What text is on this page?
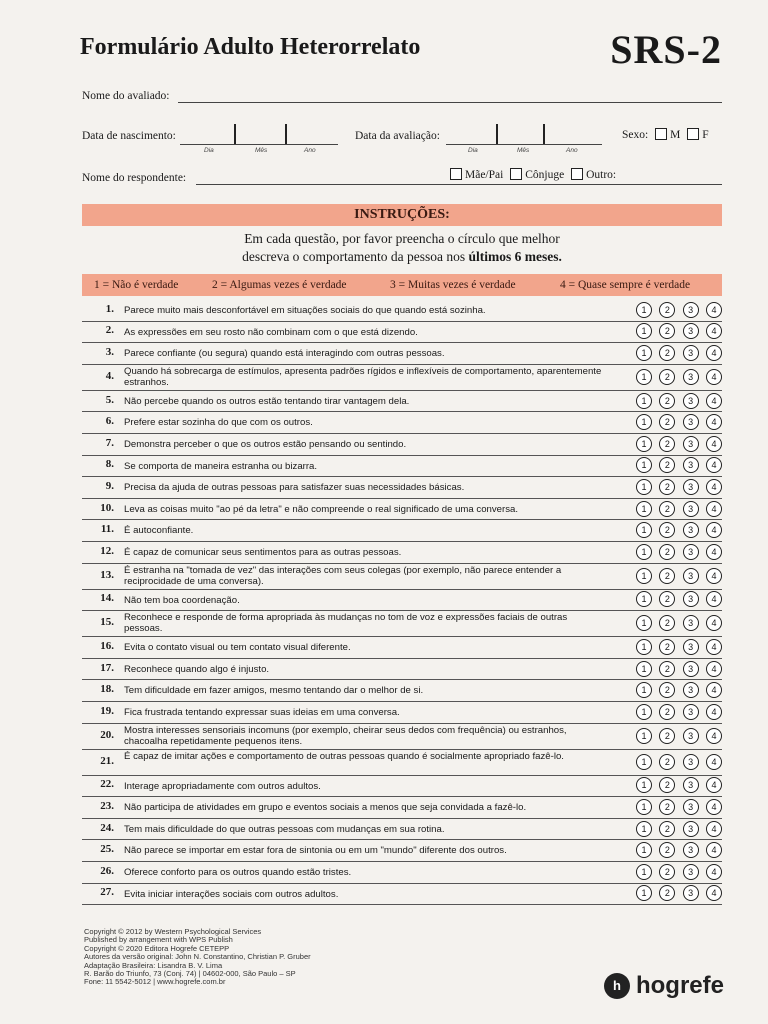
Formulário Adulto Heterorrelato	SRS-2
Nome do avaliado:
Data de nascimento:
Dia	Mês	Ano
Data da avaliação:
Dia	Mês	Ano
Sexo: M F
Nome do respondente:	Mãe/Pai Cônjuge Outro:
INSTRUÇÕES:
Em cada questão, por favor preencha o círculo que melhor
descreva o comportamento da pessoa nos últimos 6 meses.
1 = Não é verdade	2 = Algumas vezes é verdade	3 = Muitas vezes é verdade	4 = Quase sempre é verdade
1. Parece muito mais desconfortável em situações sociais do que quando está sozinha.	1	2	3	4
2. As expressões em seu rosto não combinam com o que está dizendo.	1	2	3	4
3. Parece confiante (ou segura) quando está interagindo com outras pessoas.	1	2	3	4
4. Quando há sobrecarga de estímulos, apresenta padrões rígidos e inflexíveis de comportamento, aparentemente estranhos.	1	2	3	4
5. Não percebe quando os outros estão tentando tirar vantagem dela.	1	2	3	4
6. Prefere estar sozinha do que com os outros.	1	2	3	4
7. Demonstra perceber o que os outros estão pensando ou sentindo.	1	2	3	4
8. Se comporta de maneira estranha ou bizarra.	1	2	3	4
9. Precisa da ajuda de outras pessoas para satisfazer suas necessidades básicas.	1	2	3	4
10. Leva as coisas muito "ao pé da letra" e não compreende o real significado de uma conversa.	1	2	3	4
11. É autoconfiante.	1	2	3	4
12. É capaz de comunicar seus sentimentos para as outras pessoas.	1	2	3	4
13. É estranha na "tomada de vez" das interações com seus colegas (por exemplo, não parece entender a reciprocidade de uma conversa).	1	2	3	4
14. Não tem boa coordenação.	1	2	3	4
15. Reconhece e responde de forma apropriada às mudanças no tom de voz e expressões faciais de outras pessoas.	1	2	3	4
16. Evita o contato visual ou tem contato visual diferente.	1	2	3	4
17. Reconhece quando algo é injusto.	1	2	3	4
18. Tem dificuldade em fazer amigos, mesmo tentando dar o melhor de si.	1	2	3	4
19. Fica frustrada tentando expressar suas ideias em uma conversa.	1	2	3	4
20. Mostra interesses sensoriais incomuns (por exemplo, cheirar seus dedos com frequência) ou estranhos, chacoalha repetidamente pequenos itens.	1	2	3	4
21. É capaz de imitar ações e comportamento de outras pessoas quando é socialmente apropriado fazê-lo.	1	2	3	4
22. Interage apropriadamente com outros adultos.	1	2	3	4
23. Não participa de atividades em grupo e eventos sociais a menos que seja convidada a fazê-lo.	1	2	3	4
24. Tem mais dificuldade do que outras pessoas com mudanças em sua rotina.	1	2	3	4
25. Não parece se importar em estar fora de sintonia ou em um "mundo" diferente dos outros.	1	2	3	4
26. Oferece conforto para os outros quando estão tristes.	1	2	3	4
27. Evita iniciar interações sociais com outros adultos.	1	2	3	4
Copyright © 2012 by Western Psychological Services
Published by arrangement with WPS Publish
Copyright © 2020 Editora Hogrefe CETEPP
Autores da versão original: John N. Constantino, Christian P. Gruber
Adaptação Brasileira: Lisandra B. V. Lima
R. Barão do Triunfo, 73 (Conj. 74) | 04602-000, São Paulo – SP
Fone: 11 5542-5012 | www.hogrefe.com.br	h hogrefe
